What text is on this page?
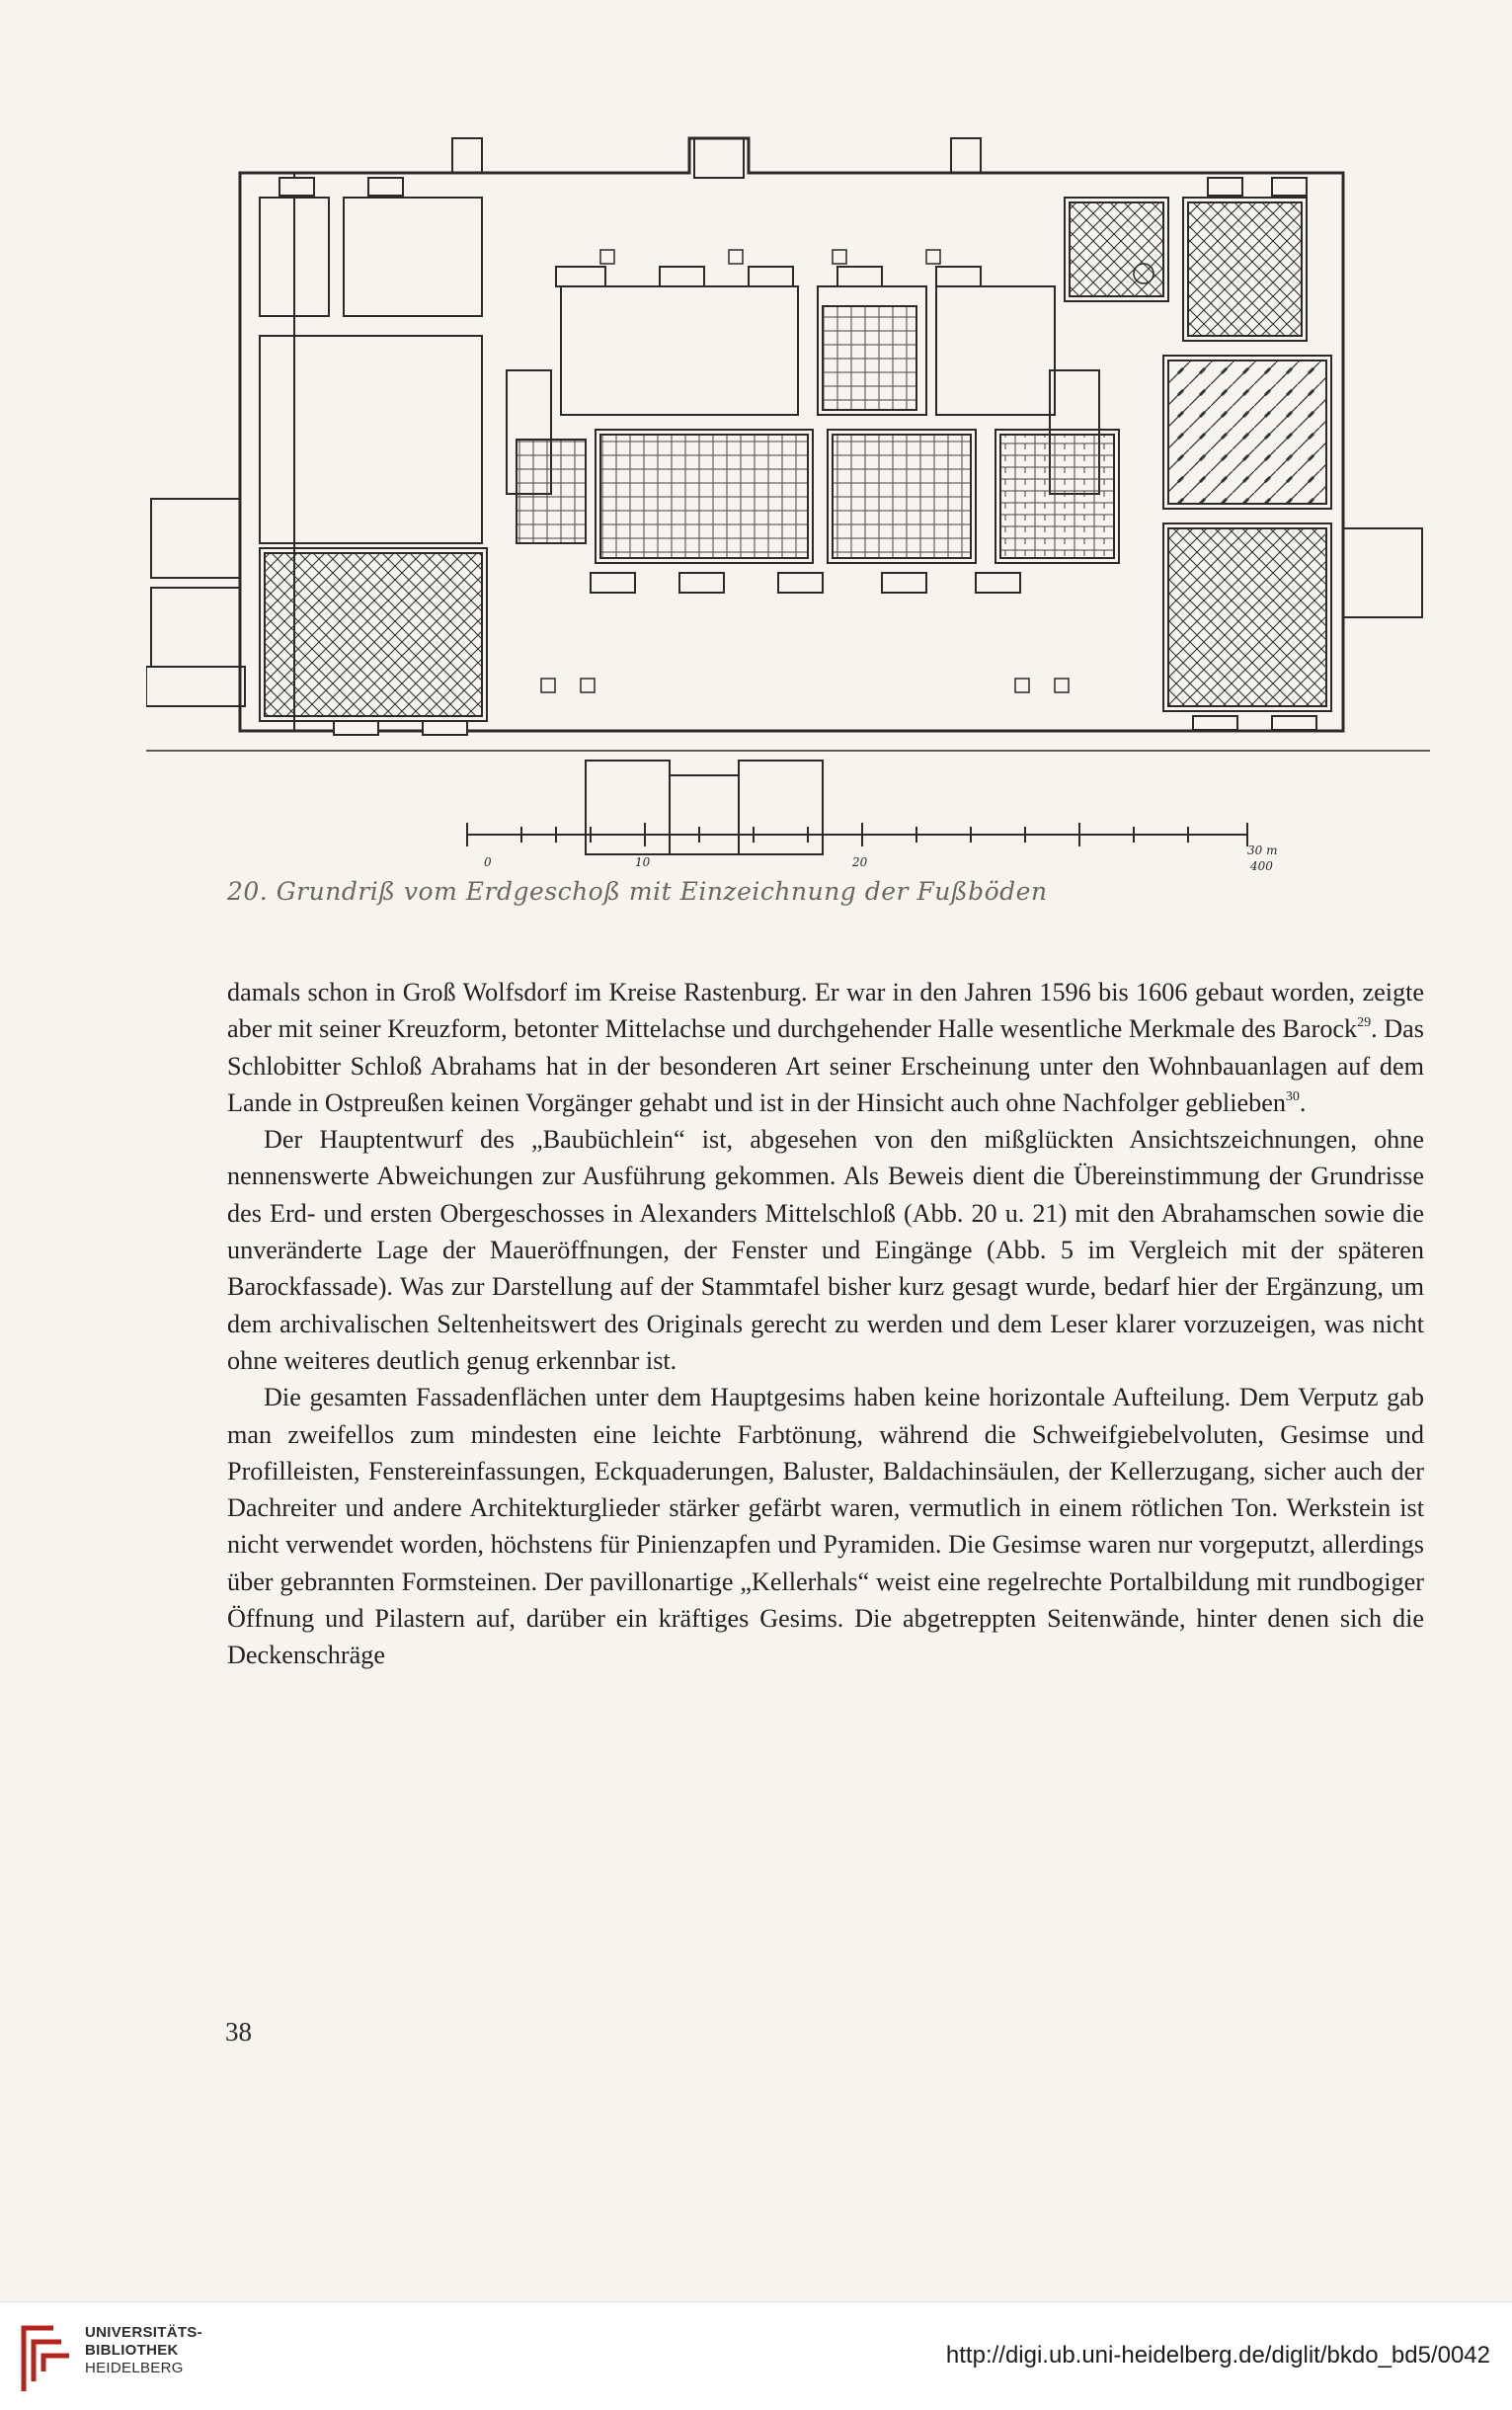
0	10	20
30 m
400
20. Grundriß vom Erdgeschoß mit Einzeichnung der Fußböden

damals schon in Groß Wolfsdorf im Kreise Rastenburg. Er war in den Jahren 1596 bis 1606 gebaut worden, zeigte aber mit seiner Kreuzform, betonter Mittelachse und durchgehender Halle wesentliche Merkmale des Barock$^{29}$. Das Schlobitter Schloß Abrahams hat in der besonderen Art seiner Erscheinung unter den Wohnbauanlagen auf dem Lande in Ostpreußen keinen Vorgänger gehabt und ist in der Hinsicht auch ohne Nachfolger geblieben$^{30}$.

Der Hauptentwurf des „Baubüchlein“ ist, abgesehen von den mißglückten Ansichtszeichnungen, ohne nennenswerte Abweichungen zur Ausführung gekommen. Als Beweis dient die Übereinstimmung der Grundrisse des Erd- und ersten Obergeschosses in Alexanders Mittelschloß (Abb. 20 u. 21) mit den Abrahamschen sowie die unveränderte Lage der Maueröffnungen, der Fenster und Eingänge (Abb. 5 im Vergleich mit der späteren Barockfassade). Was zur Darstellung auf der Stammtafel bisher kurz gesagt wurde, bedarf hier der Ergänzung, um dem archivalischen Seltenheitswert des Originals gerecht zu werden und dem Leser klarer vorzuzeigen, was nicht ohne weiteres deutlich genug erkennbar ist.

Die gesamten Fassadenflächen unter dem Hauptgesims haben keine horizontale Aufteilung. Dem Verputz gab man zweifellos zum mindesten eine leichte Farbtönung, während die Schweifgiebelvoluten, Gesimse und Profilleisten, Fenstereinfassungen, Eckquaderungen, Baluster, Baldachinsäulen, der Kellerzugang, sicher auch der Dachreiter und andere Architekturglieder stärker gefärbt waren, vermutlich in einem rötlichen Ton. Werkstein ist nicht verwendet worden, höchstens für Pinienzapfen und Pyramiden. Die Gesimse waren nur vorgeputzt, allerdings über gebrannten Formsteinen. Der pavillonartige „Kellerhals“ weist eine regelrechte Portalbildung mit rundbogiger Öffnung und Pilastern auf, darüber ein kräftiges Gesims. Die abgetreppten Seitenwände, hinter denen sich die Deckenschräge

38
UNIVERSITÄTS-
BIBLIOTHEK
HEIDELBERG	http://digi.ub.uni-heidelberg.de/diglit/bkdo_bd5/0042
